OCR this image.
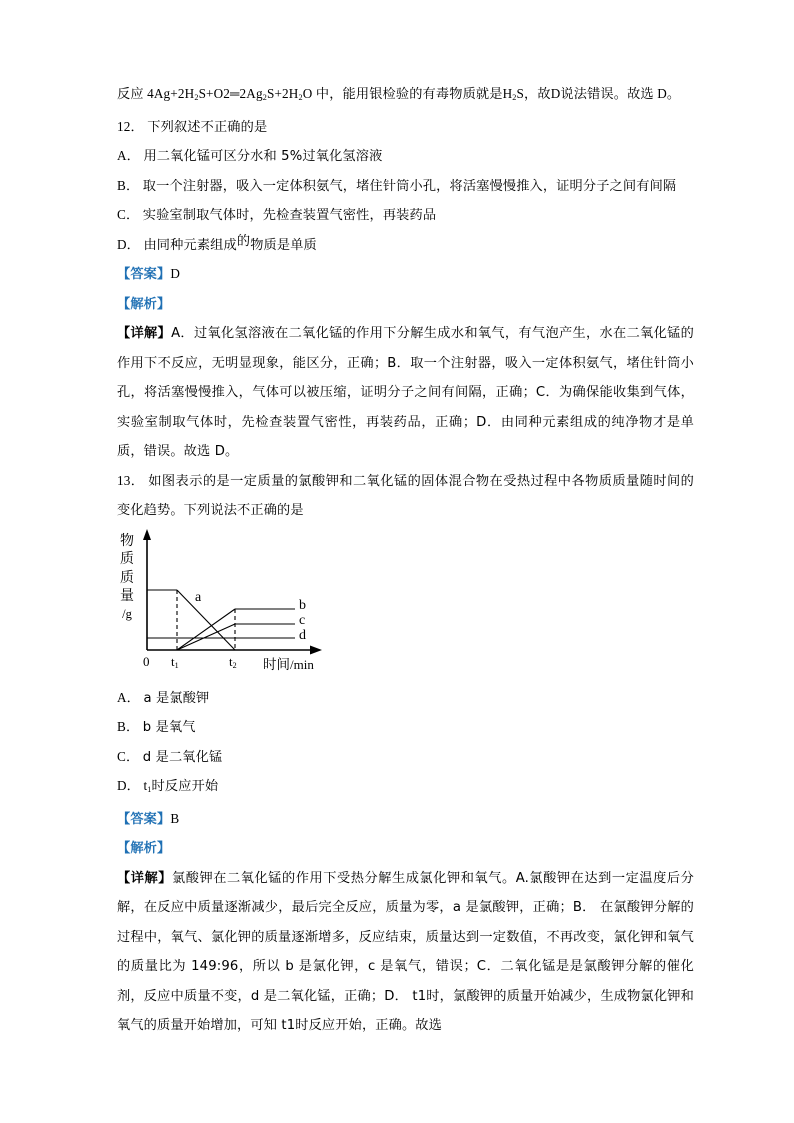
反应 $4Ag+2H_2S+O2═2Ag_2S+2H_2O$ 中，能用银检验的有毒物质就是$H_2S$，故D说法错误。故选 D。

12． 下列叙述不正确的是

A． 用二氧化锰可区分水和 5%过氧化氢溶液

B． 取一个注射器，吸入一定体积氨气，堵住针筒小孔，将活塞慢慢推入，证明分子之间有间隔

C． 实验室制取气体时，先检查装置气密性，再装药品

D． 由同种元素组成的物质是单质

【答案】D

【解析】

【详解】A．过氧化氢溶液在二氧化锰的作用下分解生成水和氧气，有气泡产生，水在二氧化锰的作用下不反应，无明显现象，能区分，正确；B．取一个注射器，吸入一定体积氨气，堵住针筒小孔，将活塞慢慢推入，气体可以被压缩，证明分子之间有间隔，正确；C．为确保能收集到气体，实验室制取气体时，先检查装置气密性，再装药品，正确；D．由同种元素组成的纯净物才是单质，错误。故选 D。

13． 如图表示的是一定质量的氯酸钾和二氧化锰的固体混合物在受热过程中各物质质量随时间的变化趋势。下列说法不正确的是

物
质
质
量
/g
a
b
c
d
0 $t_1$	$t_2$ 时间/min

A． a 是氯酸钾

B． b 是氧气

C． d 是二氧化锰

D． $t_1$时反应开始

【答案】B

【解析】

【详解】氯酸钾在二氧化锰的作用下受热分解生成氯化钾和氧气。A.氯酸钾在达到一定温度后分解，在反应中质量逐渐减少，最后完全反应，质量为零，a 是氯酸钾，正确；B． 在氯酸钾分解的过程中，氧气、氯化钾的质量逐渐增多，反应结束，质量达到一定数值，不再改变，氯化钾和氧气的质量比为 149:96，所以 b 是氯化钾，c 是氧气，错误；C．二氧化锰是是氯酸钾分解的催化剂，反应中质量不变，d 是二氧化锰，正确；D． t1时，氯酸钾的质量开始减少，生成物氯化钾和氧气的质量开始增加，可知 t1时反应开始，正确。故选
